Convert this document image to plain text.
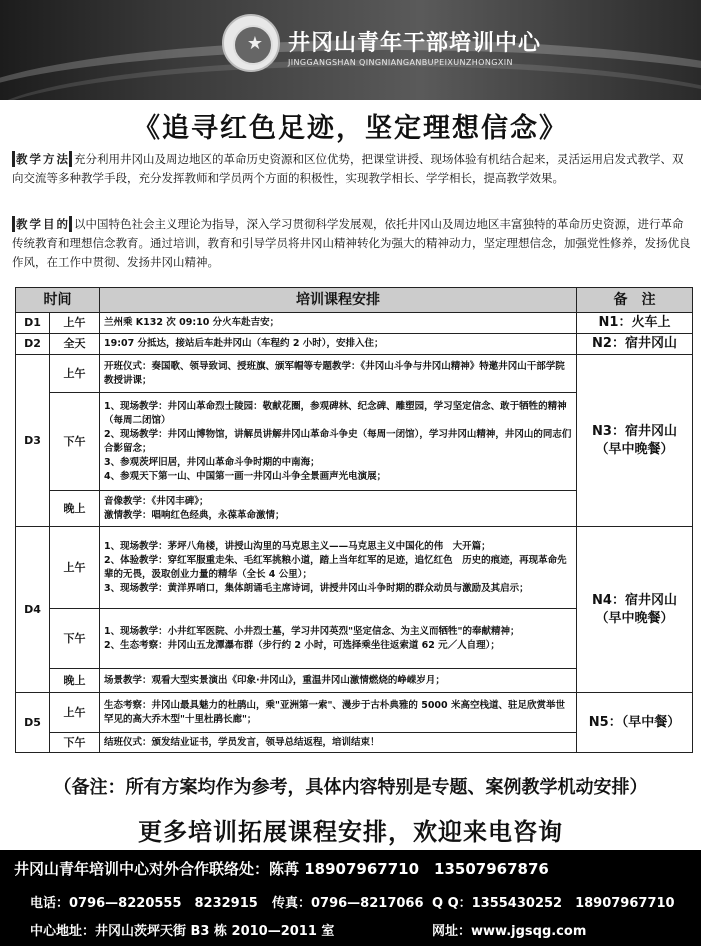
★	井冈山青年干部培训中心
JINGGANGSHAN QINGNIANGANBUPEIXUNZHONGXIN
《追寻红色足迹，坚定理想信念》
教 学 方 法 充分利用井冈山及周边地区的革命历史资源和区位优势，把课堂讲授、现场体验有机结合起来，灵活运用启发式教学、双向交流等多种教学手段，充分发挥教师和学员两个方面的积极性，实现教学相长、学学相长，提高教学效果。
教 学 目 的 以中国特色社会主义理论为指导，深入学习贯彻科学发展观，依托井冈山及周边地区丰富独特的革命历史资源，进行革命传统教育和理想信念教育。通过培训，教育和引导学员将井冈山精神转化为强大的精神动力，坚定理想信念，加强党性修养，发扬优良作风，在工作中贯彻、发扬井冈山精神。
时间		培训课程安排	备　注
D1	上午	兰州乘 K132 次 09:10 分火车赴吉安；	N1：火车上
D2	全天	19:07 分抵达，接站后车赴井冈山（车程约 2 小时），安排入住；	N2：宿井冈山
D3	上午	开班仪式：奏国歌、领导致词、授班旗、颁军帽等专题教学：《井冈山斗争与井冈山精神》特邀井冈山干部学院教授讲课；	N3：宿井冈山（早中晚餐）
	下午	1、现场教学：井冈山革命烈士陵园：敬献花圈，参观碑林、纪念碑、雕塑园，学习坚定信念、敢于牺牲的精神（每周二闭馆）
2、现场教学：井冈山博物馆，讲解员讲解井冈山革命斗争史（每周一闭馆），学习井冈山精神，井冈山的同志们合影留念；
3、参观茨坪旧居，井冈山革命斗争时期的中南海；
4、参观天下第一山、中国第一画一井冈山斗争全景画声光电演展；	

	晚上	音像教学：《井冈丰碑》；
激情教学：唱响红色经典，永葆革命激情；	

D4	上午	1、现场教学：茅坪八角楼，讲授山沟里的马克思主义——马克思主义中国化的伟　大开篇；
2、体验教学：穿红军服重走朱、毛红军挑粮小道，踏上当年红军的足迹，追忆红色　历史的痕迹，再现革命先辈的无畏，汲取创业力量的精华（全长 4 公里）；
3、现场教学：黄洋界哨口，集体朗诵毛主席诗词，讲授井冈山斗争时期的群众动员与激励及其启示；	N4：宿井冈山（早中晚餐）
	下午	1、现场教学：小井红军医院、小井烈士墓，学习井冈英烈"坚定信念、为主义而牺牲"的奉献精神；
2、生态考察：井冈山五龙潭瀑布群（步行约 2 小时，可选择乘坐往返索道 62 元／人自理）；	

	晚上	场景教学：观看大型实景演出《印象·井冈山》，重温井冈山激情燃烧的峥嵘岁月；	
D5	上午	生态考察：井冈山最具魅力的杜鹃山，乘"亚洲第一索"、漫步于古朴典雅的 5000 米高空栈道、驻足欣赏举世罕见的高大乔木型"十里杜鹃长廊"；	N5：（早中餐）
	下午	结班仪式：颁发结业证书，学员发言，领导总结返程，培训结束！	
（备注：所有方案均作为参考，具体内容特别是专题、案例教学机动安排）
更多培训拓展课程安排，欢迎来电咨询
井冈山青年培训中心对外合作联络处：陈苒 18907967710　13507967876
电话：0796—8220555　8232915 传真：0796—8217066 Q Q：1355430252　18907967710
中心地址：井冈山茨坪天街 B3 栋 2010—2011 室	网址：www.jgsqg.com
